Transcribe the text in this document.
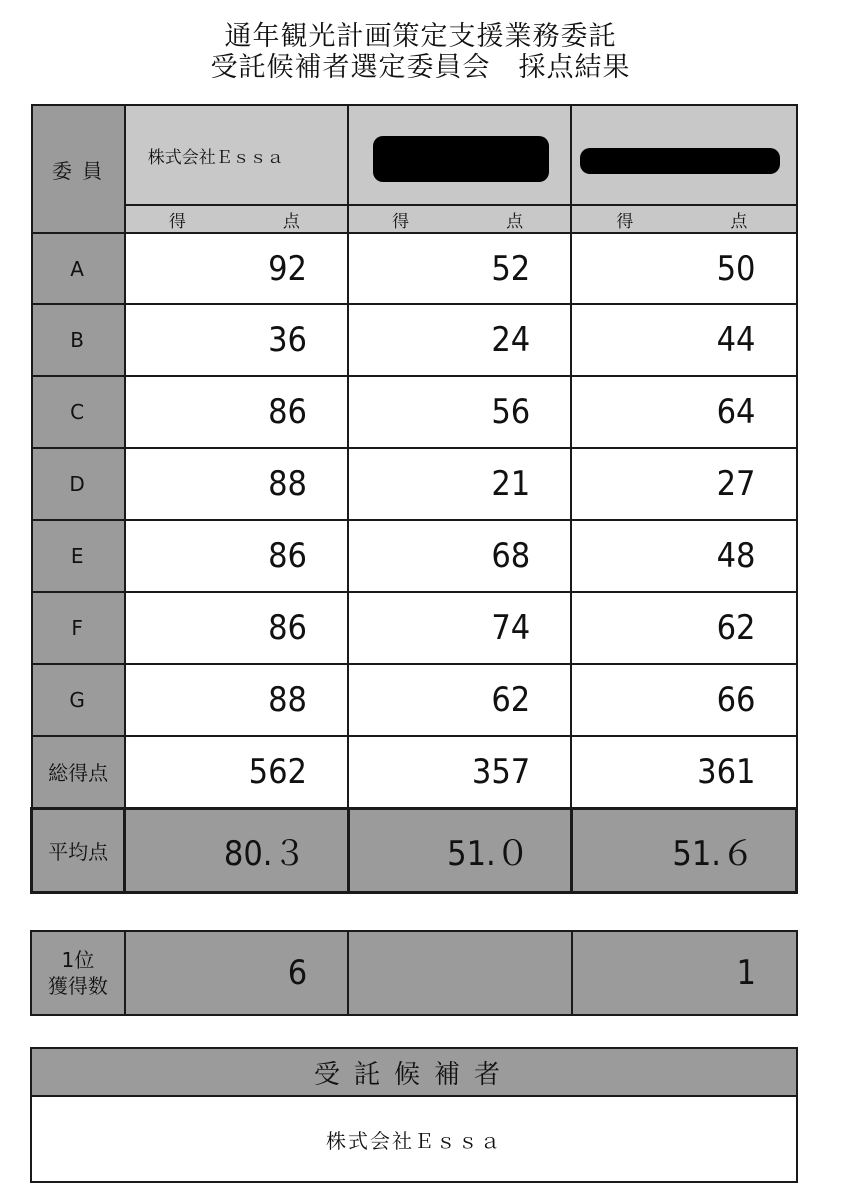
通年観光計画策定支援業務委託
受託候補者選定委員会　採点結果
委 員	株式会社Ｅｓｓａ	

	得　点	得　点	得　点
A	92	52	50
B	36	24	44
C	86	56	64
D	88	21	27
E	86	68	48
F	86	74	62
G	88	62	66
総得点	562	357	361
平均点	80.３	51.０	51.６
1位
獲得数	6		1
受託候補者
株式会社Ｅｓｓａ
